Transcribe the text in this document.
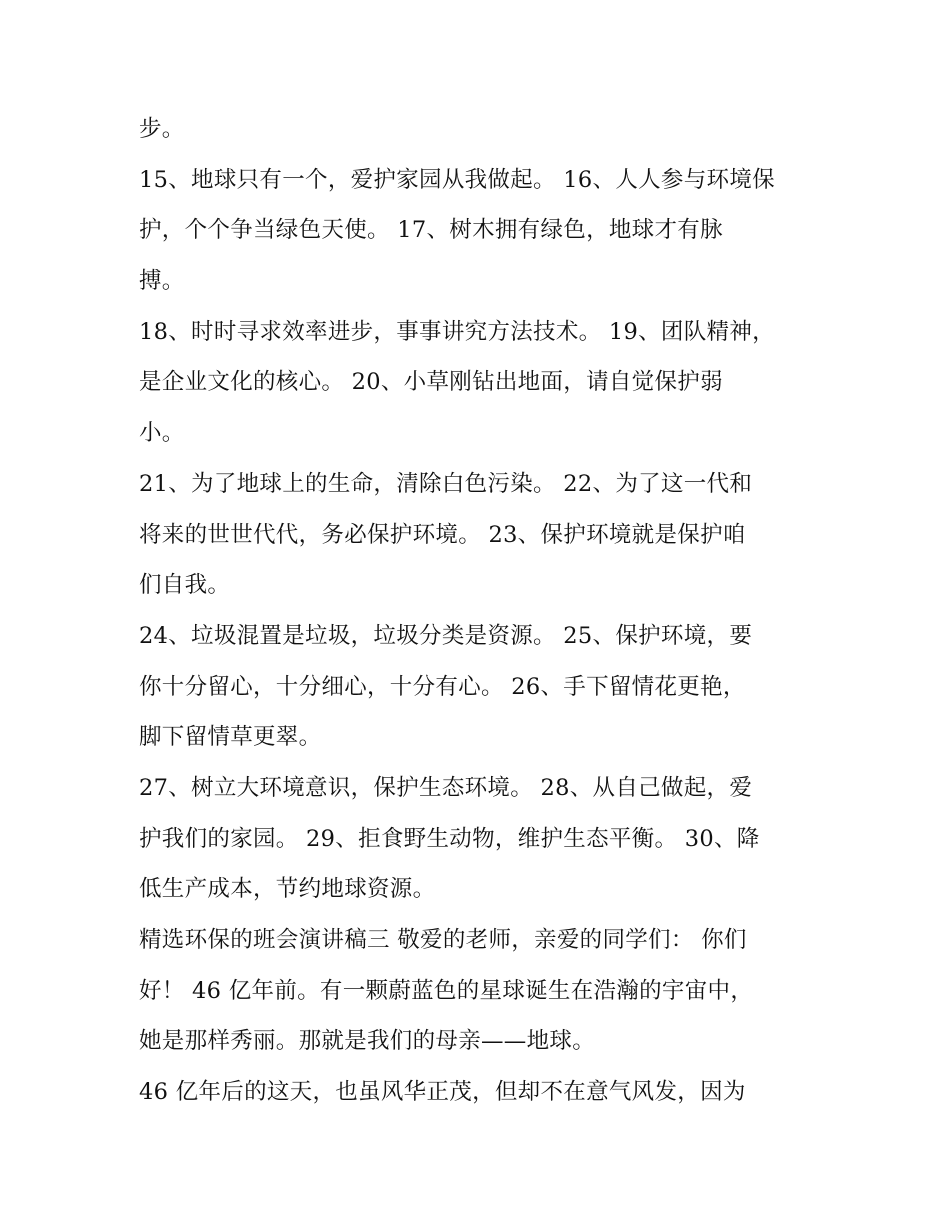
步。
15、地球只有一个，爱护家园从我做起。 16、人人参与环境保
护，个个争当绿色天使。 17、树木拥有绿色，地球才有脉
搏。
18、时时寻求效率进步，事事讲究方法技术。 19、团队精神，
是企业文化的核心。 20、小草刚钻出地面，请自觉保护弱
小。
21、为了地球上的生命，清除白色污染。 22、为了这一代和
将来的世世代代，务必保护环境。 23、保护环境就是保护咱
们自我。
24、垃圾混置是垃圾，垃圾分类是资源。 25、保护环境，要
你十分留心，十分细心，十分有心。 26、手下留情花更艳，
脚下留情草更翠。
27、树立大环境意识，保护生态环境。 28、从自己做起，爱
护我们的家园。 29、拒食野生动物，维护生态平衡。 30、降
低生产成本，节约地球资源。
精选环保的班会演讲稿三 敬爱的老师，亲爱的同学们： 你们
好！ 46 亿年前。有一颗蔚蓝色的星球诞生在浩瀚的宇宙中，
她是那样秀丽。那就是我们的母亲——地球。
46 亿年后的这天，也虽风华正茂，但却不在意气风发，因为
